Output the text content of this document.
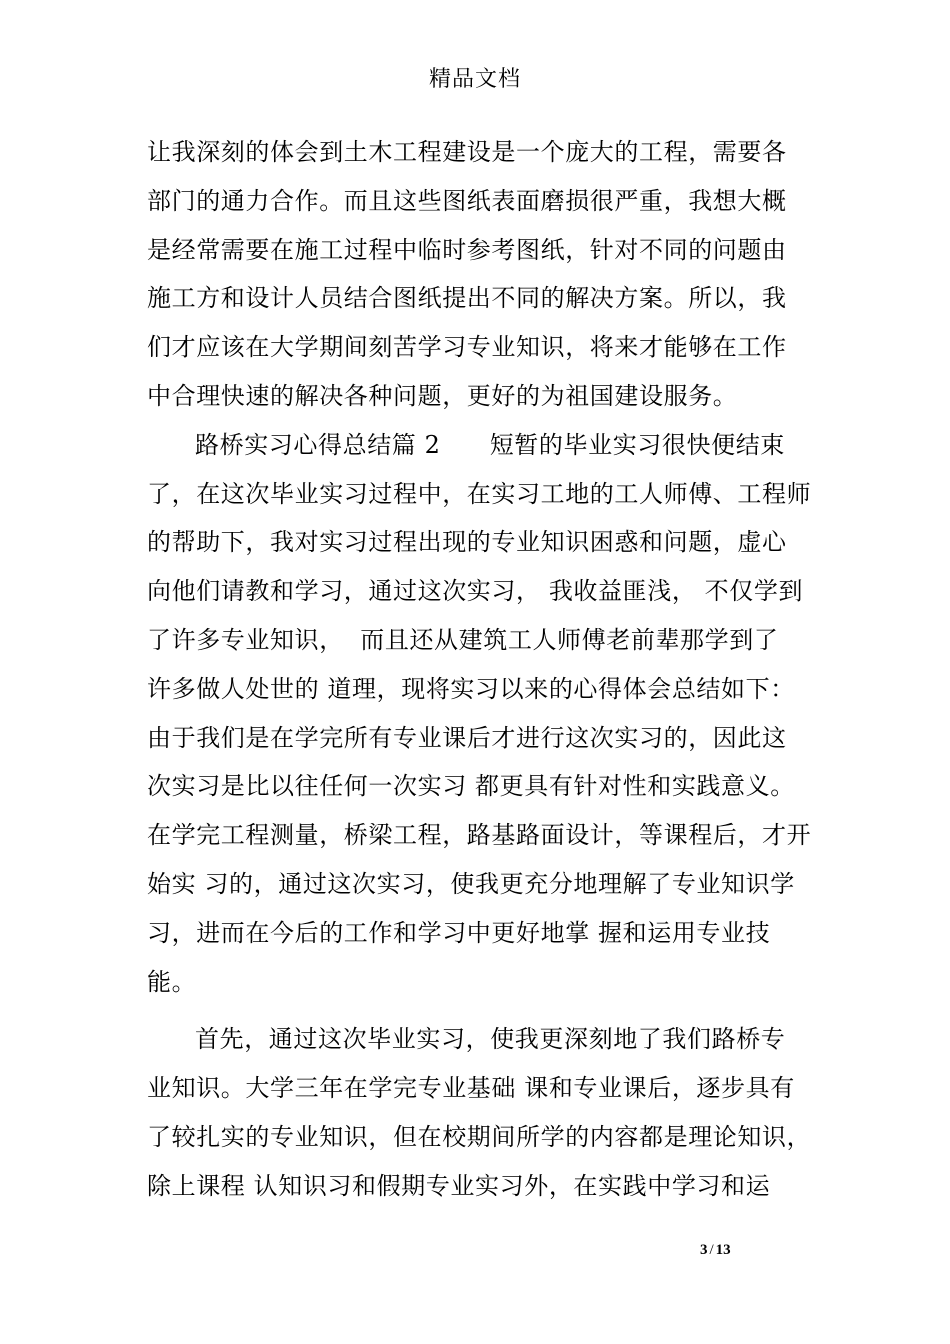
精品文档
让我深刻的体会到土木工程建设是一个庞大的工程，需要各
部门的通力合作。而且这些图纸表面磨损很严重，我想大概
是经常需要在施工过程中临时参考图纸，针对不同的问题由
施工方和设计人员结合图纸提出不同的解决方案。所以，我
们才应该在大学期间刻苦学习专业知识，将来才能够在工作
中合理快速的解决各种问题，更好的为祖国建设服务。
路桥实习心得总结篇 2　　短暂的毕业实习很快便结束
了，在这次毕业实习过程中，在实习工地的工人师傅、工程师
的帮助下，我对实习过程出现的专业知识困惑和问题，虚心
向他们请教和学习，通过这次实习， 我收益匪浅， 不仅学到
了许多专业知识，  而且还从建筑工人师傅老前辈那学到了
许多做人处世的 道理，现将实习以来的心得体会总结如下：
由于我们是在学完所有专业课后才进行这次实习的，因此这
次实习是比以往任何一次实习 都更具有针对性和实践意义。
在学完工程测量，桥梁工程，路基路面设计，等课程后，才开
始实 习的，通过这次实习，使我更充分地理解了专业知识学
习，进而在今后的工作和学习中更好地掌 握和运用专业技
能。
首先，通过这次毕业实习，使我更深刻地了我们路桥专
业知识。大学三年在学完专业基础 课和专业课后，逐步具有
了较扎实的专业知识，但在校期间所学的内容都是理论知识，
除上课程 认知识习和假期专业实习外，在实践中学习和运
3 / 13
